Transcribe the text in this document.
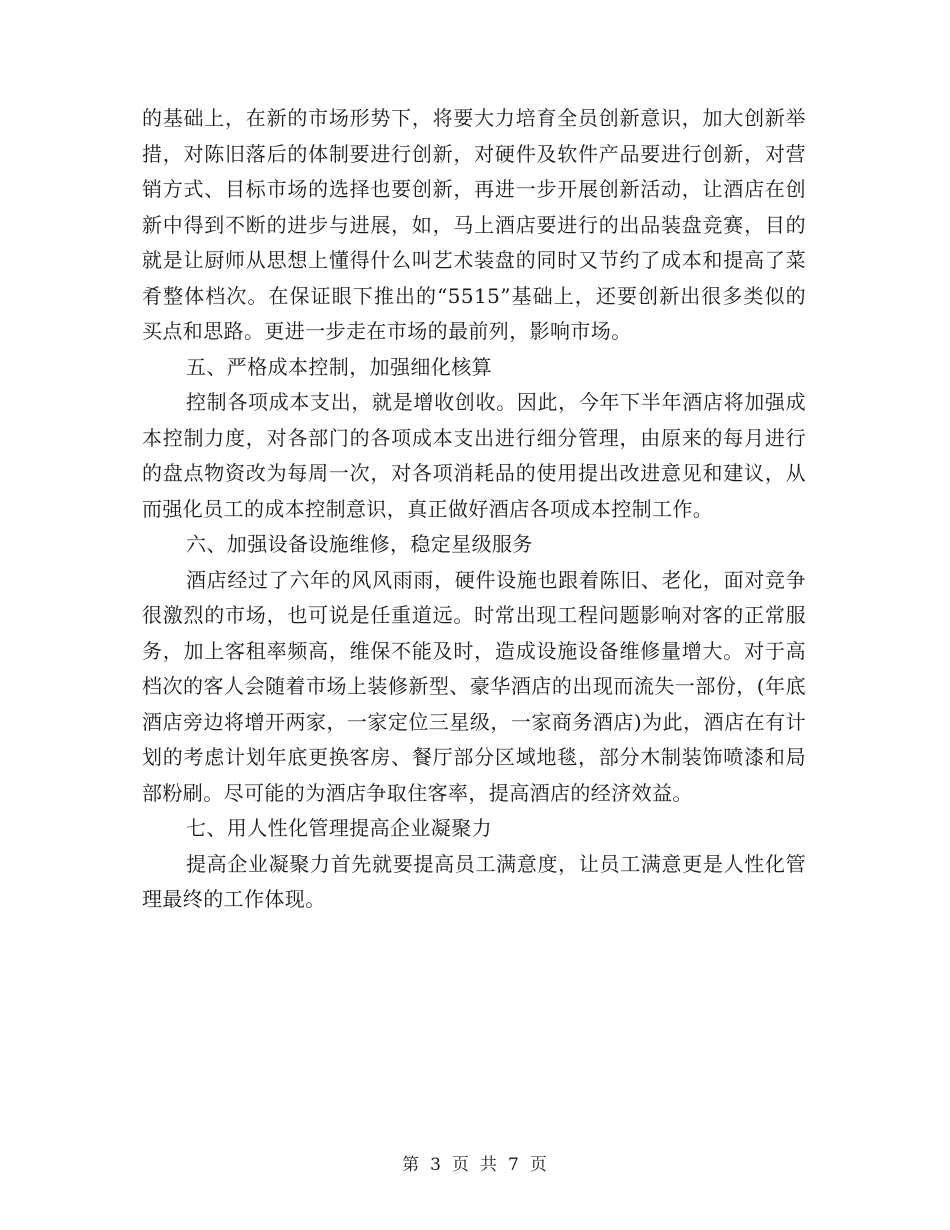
的基础上，在新的市场形势下，将要大力培育全员创新意识，加大创新举措，对陈旧落后的体制要进行创新，对硬件及软件产品要进行创新，对营销方式、目标市场的选择也要创新，再进一步开展创新活动，让酒店在创新中得到不断的进步与进展，如，马上酒店要进行的出品装盘竞赛，目的就是让厨师从思想上懂得什么叫艺术装盘的同时又节约了成本和提高了菜肴整体档次。在保证眼下推出的“5515”基础上，还要创新出很多类似的买点和思路。更进一步走在市场的最前列，影响市场。

五、严格成本控制，加强细化核算

控制各项成本支出，就是增收创收。因此，今年下半年酒店将加强成本控制力度，对各部门的各项成本支出进行细分管理，由原来的每月进行的盘点物资改为每周一次，对各项消耗品的使用提出改进意见和建议，从而强化员工的成本控制意识，真正做好酒店各项成本控制工作。

六、加强设备设施维修，稳定星级服务

酒店经过了六年的风风雨雨，硬件设施也跟着陈旧、老化，面对竞争很激烈的市场，也可说是任重道远。时常出现工程问题影响对客的正常服务，加上客租率频高，维保不能及时，造成设施设备维修量增大。对于高档次的客人会随着市场上装修新型、豪华酒店的出现而流失一部份，(年底酒店旁边将增开两家，一家定位三星级，一家商务酒店)为此，酒店在有计划的考虑计划年底更换客房、餐厅部分区域地毯，部分木制装饰喷漆和局部粉刷。尽可能的为酒店争取住客率，提高酒店的经济效益。

七、用人性化管理提高企业凝聚力

提高企业凝聚力首先就要提高员工满意度，让员工满意更是人性化管理最终的工作体现。

第 3 页 共 7 页
